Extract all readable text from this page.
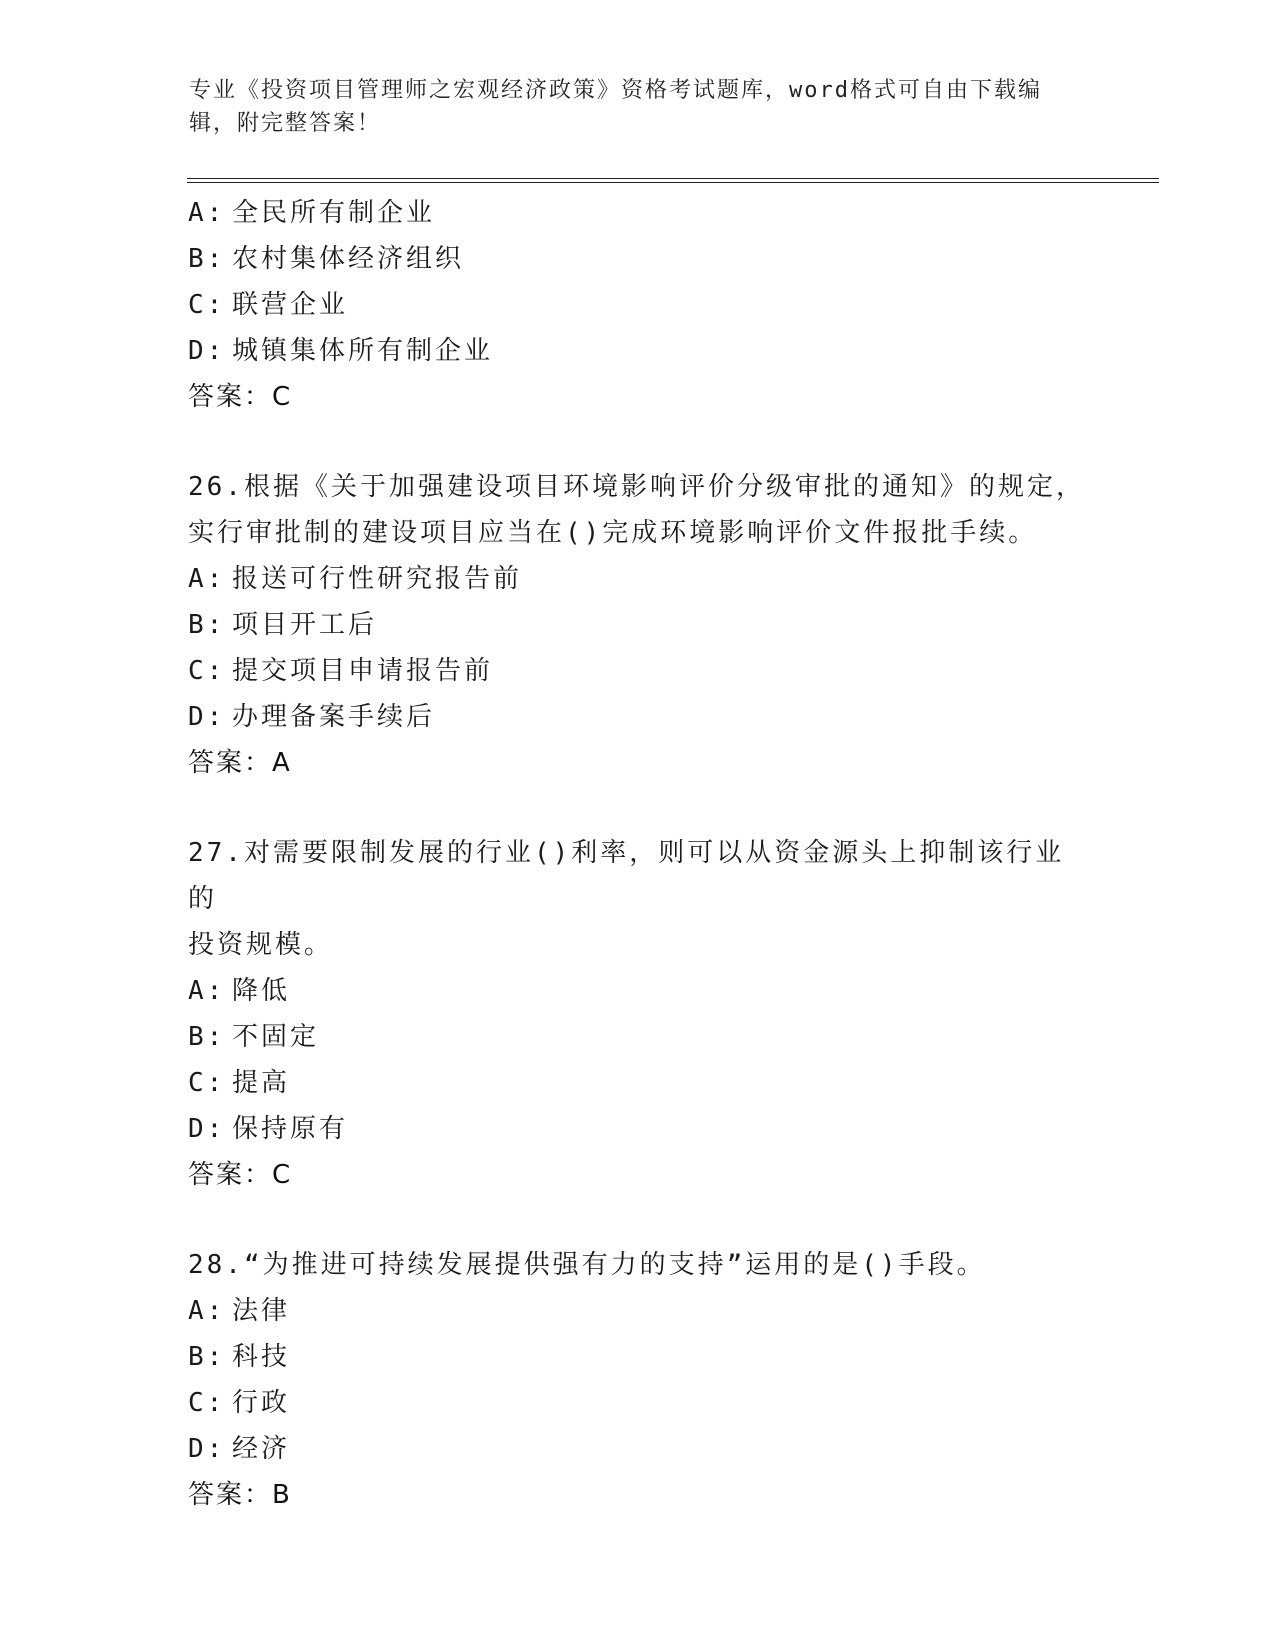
专业《投资项目管理师之宏观经济政策》资格考试题库，word格式可自由下载编辑，附完整答案！
A: 全民所有制企业
B: 农村集体经济组织
C: 联营企业
D: 城镇集体所有制企业
答案：C
26.根据《关于加强建设项目环境影响评价分级审批的通知》的规定，
实行审批制的建设项目应当在()完成环境影响评价文件报批手续。
A: 报送可行性研究报告前
B: 项目开工后
C: 提交项目申请报告前
D: 办理备案手续后
答案：A
27.对需要限制发展的行业()利率，则可以从资金源头上抑制该行业的
投资规模。
A: 降低
B: 不固定
C: 提高
D: 保持原有
答案：C
28.“为推进可持续发展提供强有力的支持”运用的是()手段。
A: 法律
B: 科技
C: 行政
D: 经济
答案：B
